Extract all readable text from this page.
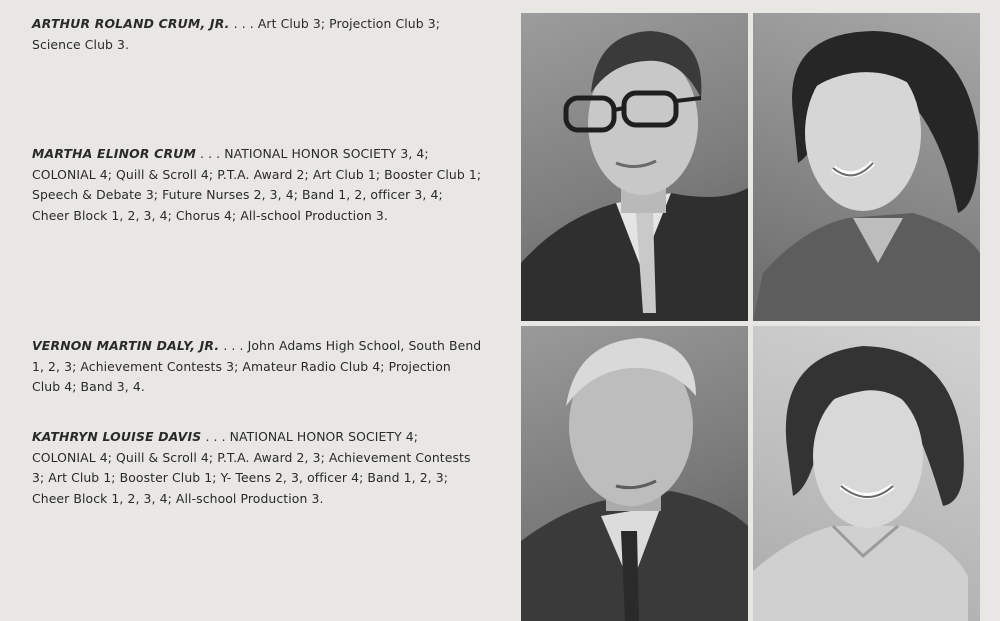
ARTHUR ROLAND CRUM, JR. . . . Art Club 3; Projection Club 3; Science Club 3.
MARTHA ELINOR CRUM . . . NATIONAL HONOR SOCIETY 3, 4; COLONIAL 4; Quill & Scroll 4; P.T.A. Award 2; Art Club 1; Booster Club 1; Speech & Debate 3; Future Nurses 2, 3, 4; Band 1, 2, officer 3, 4; Cheer Block 1, 2, 3, 4; Chorus 4; All-school Production 3.
VERNON MARTIN DALY, JR. . . . John Adams High School, South Bend 1, 2, 3; Achievement Contests 3; Amateur Radio Club 4; Projection Club 4; Band 3, 4.
KATHRYN LOUISE DAVIS . . . NATIONAL HONOR SOCIETY 4; COLONIAL 4; Quill & Scroll 4; P.T.A. Award 2, 3; Achievement Contests 3; Art Club 1; Booster Club 1; Y- Teens 2, 3, officer 4; Band 1, 2, 3; Cheer Block 1, 2, 3, 4; All-school Production 3.
